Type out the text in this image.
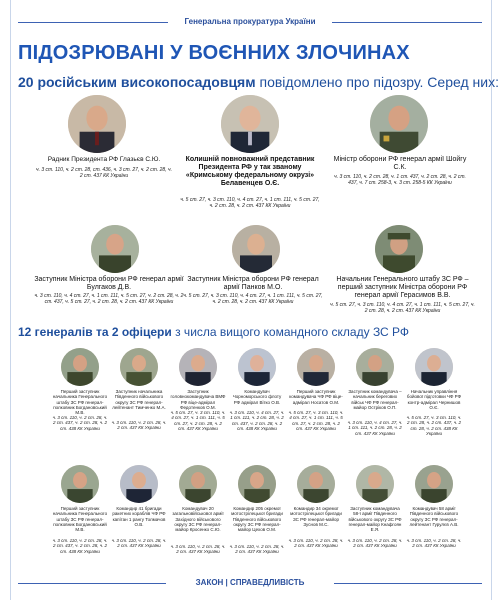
Генеральна прокуратура України
ПІДОЗРЮВАНІ У ВОЄННИХ ЗЛОЧИНАХ
20 російським високопосадовцям повідомлено про підозру. Серед них:
Радник Президента РФ Глазьєв С.Ю.
ч. 3 ст. 110, ч. 2 ст. 28, ст. 436, ч. 3 ст. 27, ч. 2 ст. 28, ч. 2 ст. 437 КК України
Колишній повноважний представник Президента РФ у так званому «Кримському федеральному окрузі» Белавенцев О.Є.
ч. 5 ст. 27, ч. 3 ст. 110, ч. 4 ст. 27, ч. 1 ст. 111, ч. 5 ст. 27, ч. 2 ст. 28, ч. 2 ст. 437 КК України
Міністр оборони РФ генерал армії Шойгу С.К.
ч. 3 ст. 110, ч. 2 ст. 28, ч. 1 ст. 437, ч. 2 ст. 28, ч. 2 ст. 437, ч. 7 ст. 258-3, ч. 3 ст. 258-5 КК України
Заступник Міністра оборони РФ генерал армії Булгаков Д.В.
ч. 3 ст. 110, ч. 4 ст. 27, ч. 1 ст. 111, ч. 5 ст. 27, ч. 2 ст. 28, ч. 2 ст. 437, ч. 5 ст. 27, ч. 2 ст. 28, ч. 2 ст. 437 КК України
Заступник Міністра оборони РФ генерал армії Панков М.О.
ч. 5 ст. 27, ч. 3 ст. 110, ч. 4 ст. 27, ч. 1 ст. 111, ч. 5 ст. 27, ч. 2 ст. 28, ч. 2 ст. 437 КК України
Начальник Генерального штабу ЗС РФ – перший заступник Міністра оборони РФ генерал армії Герасимов В.В.
ч. 5 ст. 27, ч. 3 ст. 110, ч. 4 ст. 27, ч. 1 ст. 111, ч. 5 ст. 27, ч. 2 ст. 28, ч. 2 ст. 437 КК України
12 генералів та 2 офіцери з числа вищого командного складу ЗС РФ
Перший заступник начальника Генерального штабу ЗС РФ генерал-полковник Богдановський М.В.
ч. 3 ст. 110, ч. 2 ст. 28, ч. 2 ст. 437, ч. 2 ст. 28, ч. 2 ст. 438 КК України
Заступник начальника Південного військового округу ЗС РФ генерал-лейтенант Тимченко М.А.
ч. 3 ст. 110, ч. 2 ст. 28, ч. 2 ст. 437 КК України
Заступник головнокомандувача ВМФ РФ віце-адмірал Федотенков О.М.
ч. 5 ст. 27, ч. 3 ст. 110, ч. 4 ст. 27, ч. 1 ст. 111, ч. 5 ст. 27, ч. 2 ст. 28, ч. 2 ст. 437 КК України
Командувач Чорноморського флоту РФ адмірал Вітко О.В.
ч. 3 ст. 110, ч. 4 ст. 27, ч. 1 ст. 111, ч. 2 ст. 28, ч. 2 ст. 437, ч. 2 ст. 28, ч. 2 ст. 438 КК України
Перший заступник командувача ЧФ РФ віце-адмірал Носатов О.М.
ч. 5 ст. 27, ч. 3 ст. 110, ч. 4 ст. 27, ч. 1 ст. 111, ч. 5 ст. 27, ч. 2 ст. 28, ч. 2 ст. 437 КК України
Заступник командувача – начальник берегових військ ЧФ РФ генерал-майор Остріков О.П.
ч. 3 ст. 110, ч. 4 ст. 27, ч. 1 ст. 111, ч. 2 ст. 28, ч. 2 ст. 437 КК України
Начальник управління бойової підготовки ЧФ РФ контр-адмірал Чернишов О.Є.
ч. 5 ст. 27, ч. 3 ст. 110, ч. 2 ст. 28, ч. 2 ст. 437, ч. 2 ст. 28, ч. 2 ст. 438 КК України
Перший заступник начальника Генерального штабу ЗС РФ генерал-полковник Богдановський М.В.
ч. 3 ст. 110, ч. 2 ст. 28, ч. 2 ст. 437, ч. 2 ст. 28, ч. 2 ст. 438 КК України
Командир 41 бригади ракетних кораблів ЧФ РФ капітан 1 рангу Толмачов О.В.
ч. 3 ст. 110, ч. 2 ст. 28, ч. 2 ст. 437 КК України
Командувач 20 загальновійськової армії Західного військового округу ЗС РФ генерал-майор Кросенко С.Ю.
ч. 3 ст. 110, ч. 2 ст. 28, ч. 2 ст. 437 КК України
Командир 205 окремої мотострілецької бригади Південного військового округу ЗС РФ генерал-майор Цехов О.М.
ч. 3 ст. 110, ч. 2 ст. 28, ч. 2 ст. 437 КК України
Командир 34 окремої мотострілецької бригади ЗС РФ генерал-майор Зуснов М.С.
ч. 3 ст. 110, ч. 2 ст. 28, ч. 2 ст. 437 КК України
Заступник командувача 58-ї армії Південного військового округу ЗС РФ генерал-майор Кнафгоян Е.Я.
ч. 3 ст. 110, ч. 2 ст. 28, ч. 2 ст. 437 КК України
Командувач 58 армії Південного військового округу ЗС РФ генерал-лейтенант Гурулєв А.В.
ч. 3 ст. 110, ч. 2 ст. 28, ч. 2 ст. 437 КК України
ЗАКОН | СПРАВЕДЛИВІСТЬ
